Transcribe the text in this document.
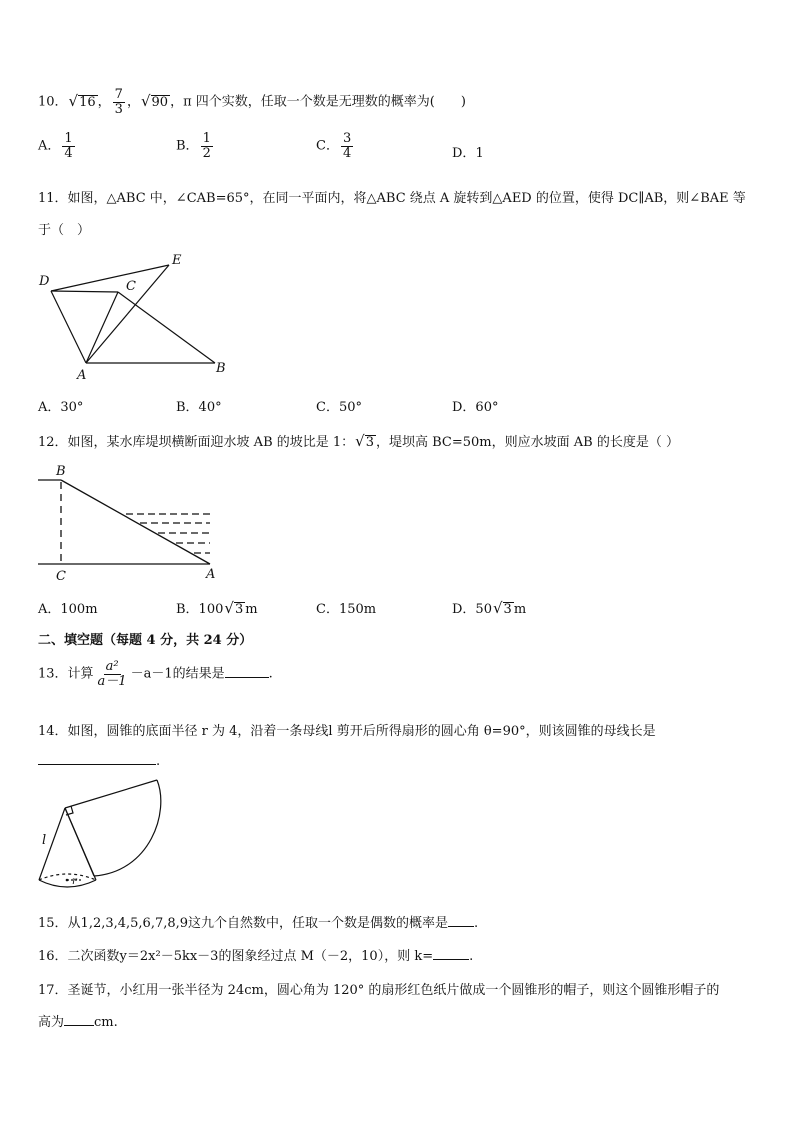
10．√16 ， $\frac{7}{3}$ ，√90 ，π 四个实数，任取一个数是无理数的概率为(　　)
A． $\frac{1}{4}$	B． $\frac{1}{2}$	C． $\frac{3}{4}$	D．1
11．如图，△ABC 中，∠CAB=65°，在同一平面内，将△ABC 绕点 A 旋转到△AED 的位置，使得 DC∥AB，则∠BAE 等
于（　）
D	C
E
A	B
A．30°	B．40°	C．50°	D．60°
12．如图，某水库堤坝横断面迎水坡 AB 的坡比是 1：√3 ，堤坝高 BC=50m，则应水坡面 AB 的长度是（ ）
B
C	A
A．100m	B．100√3 m	C．150m	D．50√3 m
二、填空题（每题 4 分，共 24 分）
13．计算 $\frac{\text{a²}}{a-1} -a-1$的结果是	.
14．如图，圆锥的底面半径 r 为 4，沿着一条母线l 剪开后所得扇形的圆心角 θ=90°，则该圆锥的母线长是
.
l
r
15．从1,2,3,4,5,6,7,8,9这九个自然数中，任取一个数是偶数的概率是 .
16．二次函数y＝2x²－5kx－3的图象经过点 M（－2，10），则 k=	.
17．圣诞节，小红用一张半径为 24cm，圆心角为 120° 的扇形红色纸片做成一个圆锥形的帽子，则这个圆锥形帽子的
高为 cm.
